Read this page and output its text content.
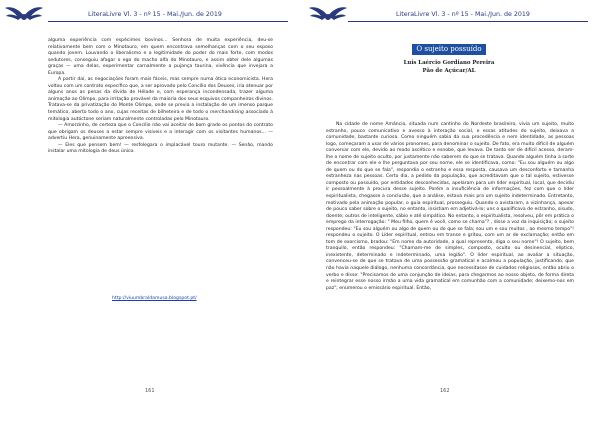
LiteraLivre Vl. 3 - nº 15 - Mai./Jun. de 2019

alguma experiência com espécimes bovinos… Senhora de muita experiência, deu-se relativamente bem com o Minotauro, em quem encontrava semelhanças com o seu esposo quando jovem. Louvando o liberalismo e a legitimidade do poder do mais forte, com modos sedutores, conseguiu afagar o ego do macho alfa do Minotauro, e assim obter dele algumas graças — uma delas, experimentar carnalmente a pujança taurina, vivência que invejara a Europa.

A partir daí, as negociações foram mais fáceis, mas sempre numa ótica economicista. Hera voltou com um contrato específico que, a ser aprovado pelo Concílio dos Deuses, iria atenuar por alguns anos as penas da dívida de Hélade e, com esperança incondensada, trazer alguma animação ao Olimpo, para irritação provável da maioria dos seus esquivos companheiros divinos. Tratava-se da privatização do Monte Olimpo, onde se previa a instalação de um imenso parque temático, aberto todo o ano, cujas receitas de bilheteira e de todo o merchandising associado à mitologia autóctone seriam naturalmente controladas pelo Minotauro.

— Amorzinho, de certeza que o Concílio não vai aceitar de bom grado os pontos do contrato que obrigam os deuses a estar sempre visíveis e a interagir com os visitantes humanos… — advertiu Hera, genuinamente apreensiva.

— Eles que pensem bem! — resfolegara o implacável touro mutante. — Senão, mando instalar uma mitologia de deus único.

http://viuumbraldamusa.blogspot.pt/
161
LiteraLivre Vl. 3 - nº 15 - Mai./Jun. de 2019
O sujeito possuído
Luis Laércio Gordiano Pereira
Pão de Açúcar/AL

Na cidade de nome Amâncio, situada num cantinho do Nordeste brasileiro, vivia um sujeito, muito estranho, pouco comunicativo e avesso à interação social, e essas atitudes do sujeito, deixava a comunidade, bastante curiosa. Como ninguém sabia da sua procedência e nem identidade, as pessoas logo, começaram a usar de vários pronomes, para denominar o sujeito. De fato, era muito difícil de alguém conversar com ele, devido ao modo ascético e esnobe, que levava. De tanto ser de difícil acesso, deram-lhe o nome de sujeito oculto, por justamente não saberem do que se tratava. Quando alguém tinha a sorte de encontrar com ele e lhe perguntava por seu nome, ele se identificava, como: "Eu sou alguém ou algo de quem ou do que se fala", respondia o estranho e essa resposta, causava um desconforto e tamanha estranheza nas pessoas. Certo dia, a pedido da população, que acreditavam que o tal sujeito, estivesse composto ou possuído, por entidades desconhecidas, apelaram para um líder espiritual, local, que decidiu ir pessoalmente à procura desse sujeito. Porém a insuficiência de informações, fez com que o líder espiritualista, chegasse a conclusão, que a análise, estava mais pra um sujeito indeterminado. Entretanto, motivado pela animação popular, o guia espiritual, prosseguiu. Quando o avistaram, a vizinhança, apesar de pouco saber sobre o sujeito, no entanto, insistiam em adjetivá-lo; uns o qualificava de estranho, sisudo, doente; outros de inteligente, sábio e até simpático. No entanto, o espiritualista, resolveu, pôr em prática o emprego da interrogação: " Meu filho, quem é você, como se chama"? , disse a voz da inquisição; o sujeito respondeu: "Eu sou alguém ou algo de quem ou do que se fala; sou um e sou muitos , ao mesmo tempo"! respondeu o sujeito. O Líder espiritual, entrou em transe e gritou, com um ar de exclamação; então em tom de exorcismo, bradou: "Em nome da autoridade, a qual represento, diga o seu nome"! O sujeito, bem tranquilo, então respondeu: "Chamam-me de simples, composto, oculto ou desinencial, elíptico, inexistente, determinado e indeterminado, uma legião". O líder espiritual, ao avaliar a situação, convenceu-se de que se tratava de uma possessão gramatical e acalmou a população, justificando, que não havia naquele diálogo, nenhuma concordância, que necessitasse de cuidados religiosos, então abriu o verbo e disse: "Precisamos de uma conjunção de ideias, para chegarmos ao nosso objeto, de forma direta e reintegrar esse nosso irmão a uma vida gramatical em comunhão com a comunidade; deixemo-nos em paz"; enumerou o emissário espiritual. Então,

162
